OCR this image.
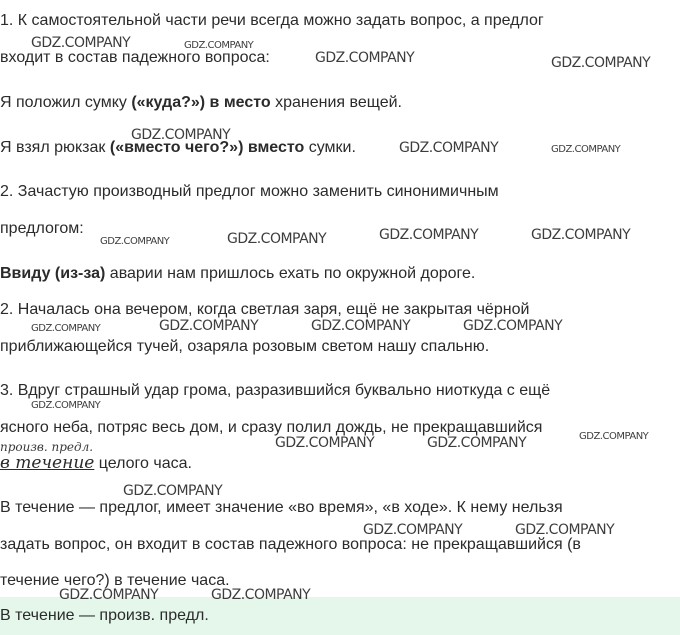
1. К самостоятельной части речи всегда можно задать вопрос, а предлог
входит в состав падежного вопроса:
Я положил сумку («куда?») в место хранения вещей.
Я взял рюкзак («вместо чего?») вместо сумки.
2. Зачастую производный предлог можно заменить синонимичным
предлогом:
Ввиду (из-за) аварии нам пришлось ехать по окружной дороге.
2. Началась она вечером, когда светлая заря, ещё не закрытая чёрной
приближающейся тучей, озаряла розовым светом нашу спальню.
3. Вдруг страшный удар грома, разразившийся буквально ниоткуда с ещё
ясного неба, потряс весь дом, и сразу полил дождь, не прекращавшийся
произв. предл.
в течение целого часа.
В течение — предлог, имеет значение «во время», «в ходе». К нему нельзя
задать вопрос, он входит в состав падежного вопроса: не прекращавшийся (в
течение чего?) в течение часа.
В течение — произв. предл.
GDZ.COMPANY	GDZ.COMPANY
GDZ.COMPANY	GDZ.COMPANY
GDZ.COMPANY
GDZ.COMPANY	GDZ.COMPANY
GDZ.COMPANY	GDZ.COMPANY	GDZ.COMPANY	GDZ.COMPANY
GDZ.COMPANY	GDZ.COMPANY	GDZ.COMPANY	GDZ.COMPANY
GDZ.COMPANY
GDZ.COMPANY	GDZ.COMPANY	GDZ.COMPANY
GDZ.COMPANY
GDZ.COMPANY	GDZ.COMPANY
GDZ.COMPANY	GDZ.COMPANY
